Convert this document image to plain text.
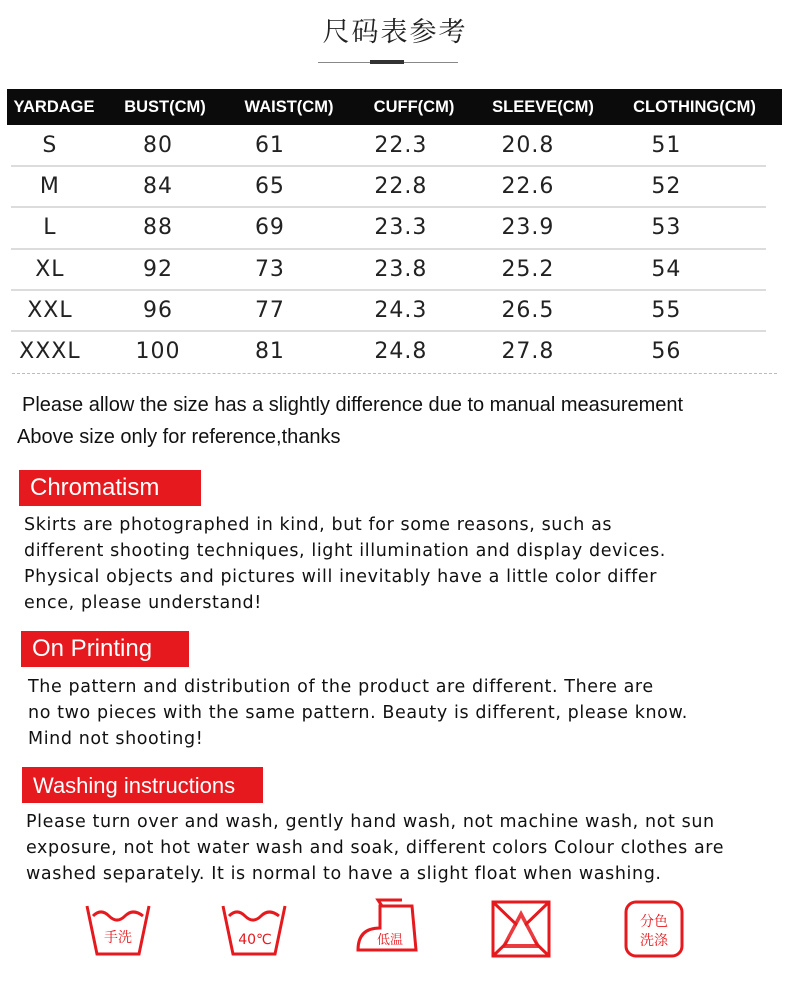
尺码表参考
YARDAGE	BUST(CM)	WAIST(CM)	CUFF(CM)	SLEEVE(CM)	CLOTHING(CM)
S	80	61	22.3	20.8	51
M	84	65	22.8	22.6	52
L	88	69	23.3	23.9	53
XL	92	73	23.8	25.2	54
XXL	96	77	24.3	26.5	55
XXXL	100	81	24.8	27.8	56
Please allow the size has a slightly difference due to manual measurement
Above size only for reference,thanks
Chromatism
Skirts are photographed in kind, but for some reasons, such as
different shooting techniques, light illumination and display devices.
Physical objects and pictures will inevitably have a little color differ
ence, please understand!
On Printing
The pattern and distribution of the product are different. There are
no two pieces with the same pattern. Beauty is different, please know.
Mind not shooting!
Washing instructions
Please turn over and wash, gently hand wash, not machine wash, not sun
exposure, not hot water wash and soak, different colors Colour clothes are
washed separately. It is normal to have a slight float when washing.
手洗	40℃	低温
分色
洗涤
